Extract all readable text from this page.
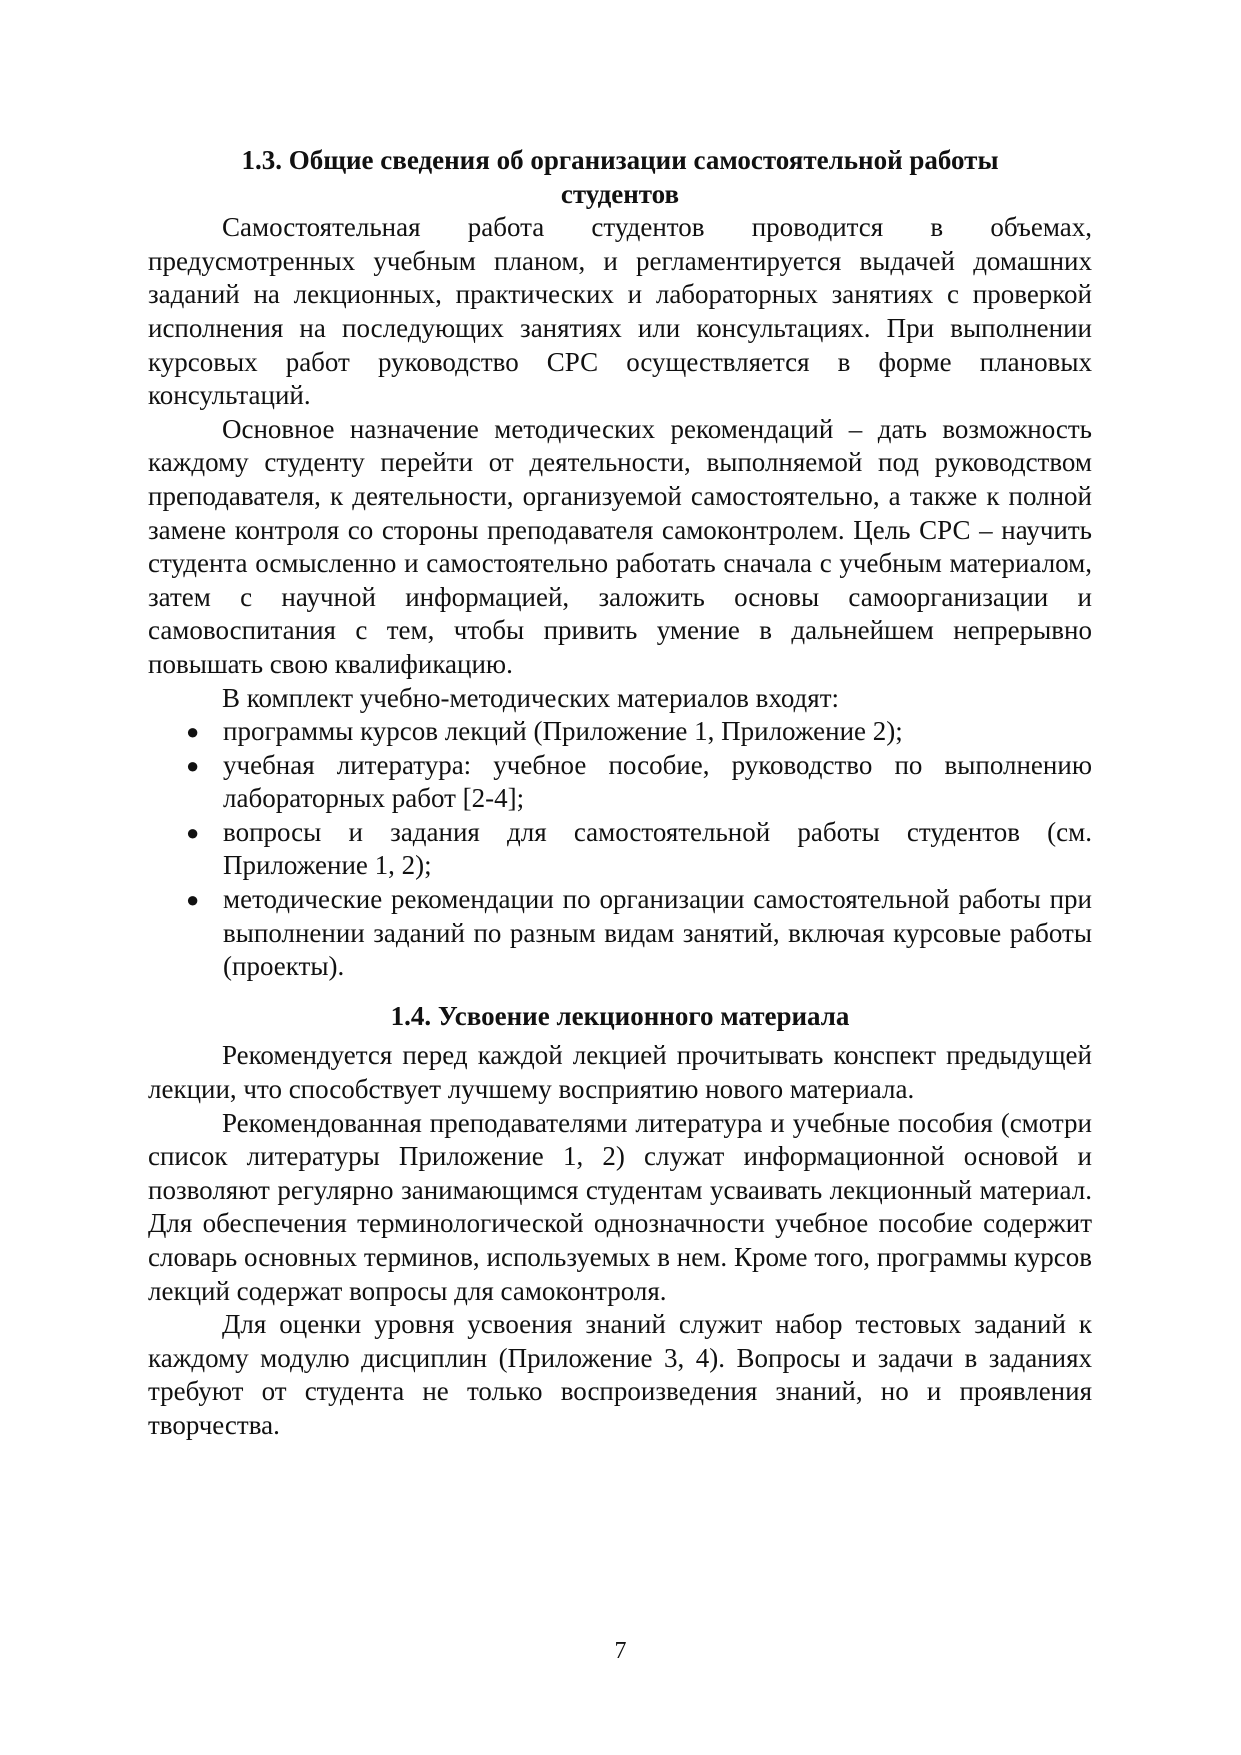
1.3. Общие сведения об организации самостоятельной работы студентов

Самостоятельная работа студентов проводится в объемах, предусмотренных учебным планом, и регламентируется выдачей домашних заданий на лекционных, практических и лабораторных занятиях с проверкой исполнения на последующих занятиях или консультациях. При выполнении курсовых работ руководство СРС осуществляется в форме плановых консультаций.

Основное назначение методических рекомендаций – дать возможность каждому студенту перейти от деятельности, выполняемой под руководством преподавателя, к деятельности, организуемой самостоятельно, а также к полной замене контроля со стороны преподавателя самоконтролем. Цель СРС – научить студента осмысленно и самостоятельно работать сначала с учебным материалом, затем с научной информацией, заложить основы самоорганизации и самовоспитания с тем, чтобы привить умение в дальнейшем непрерывно повышать свою квалификацию.

В комплект учебно-методических материалов входят:

● программы курсов лекций (Приложение 1, Приложение 2);
● учебная литература: учебное пособие, руководство по выполнению лабораторных работ [2-4];
● вопросы и задания для самостоятельной работы студентов (см. Приложение 1, 2);
● методические рекомендации по организации самостоятельной работы при выполнении заданий по разным видам занятий, включая курсовые работы (проекты).
1.4. Усвоение лекционного материала

Рекомендуется перед каждой лекцией прочитывать конспект предыдущей лекции, что способствует лучшему восприятию нового материала.

Рекомендованная преподавателями литература и учебные пособия (смотри список литературы Приложение 1, 2) служат информационной основой и позволяют регулярно занимающимся студентам усваивать лекционный материал. Для обеспечения терминологической однозначности учебное пособие содержит словарь основных терминов, используемых в нем. Кроме того, программы курсов лекций содержат вопросы для самоконтроля.

Для оценки уровня усвоения знаний служит набор тестовых заданий к каждому модулю дисциплин (Приложение 3, 4). Вопросы и задачи в заданиях требуют от студента не только воспроизведения знаний, но и проявления творчества.

7
